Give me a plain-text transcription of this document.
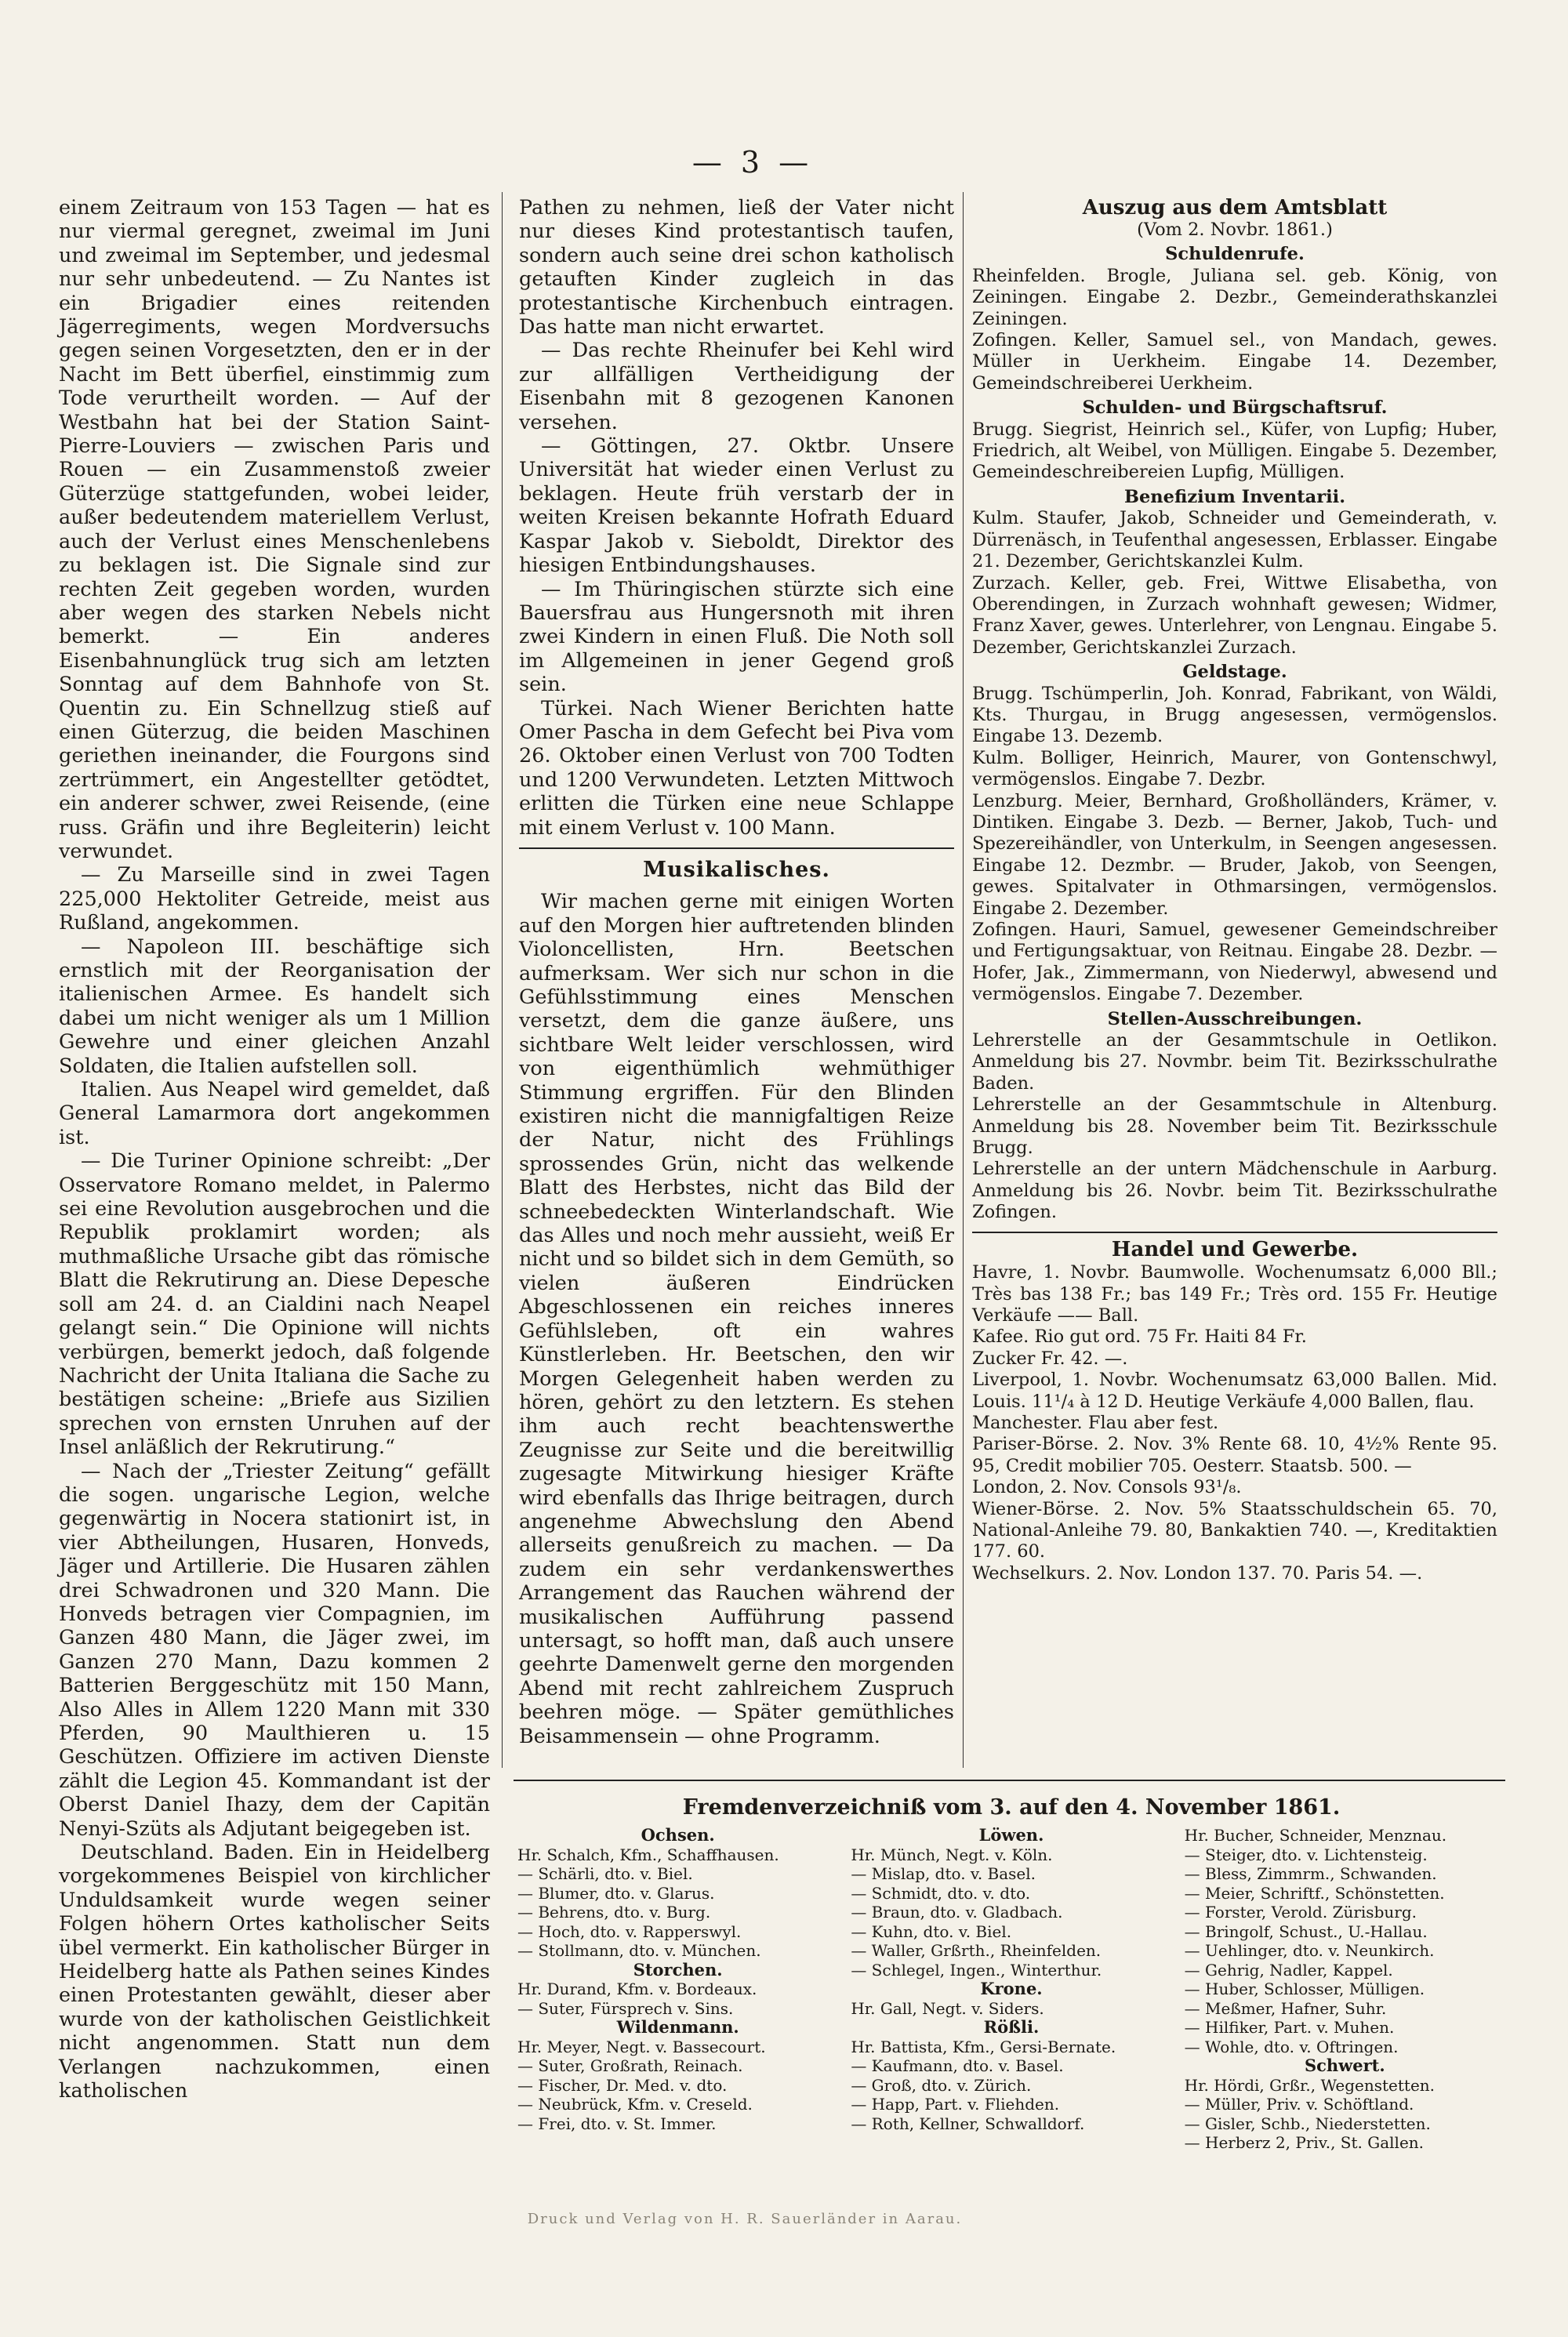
— 3 —

einem Zeitraum von 153 Tagen — hat es nur viermal geregnet, zweimal im Juni und zweimal im September, und jedesmal nur sehr unbedeutend. — Zu Nantes ist ein Brigadier eines reitenden Jägerregiments, wegen Mordversuchs gegen seinen Vorgesetzten, den er in der Nacht im Bett überfiel, einstimmig zum Tode verurtheilt worden. — Auf der Westbahn hat bei der Station Saint-Pierre-Louviers — zwischen Paris und Rouen — ein Zusammenstoß zweier Güterzüge stattgefunden, wobei leider, außer bedeutendem materiellem Verlust, auch der Verlust eines Menschenlebens zu beklagen ist. Die Signale sind zur rechten Zeit gegeben worden, wurden aber wegen des starken Nebels nicht bemerkt. — Ein anderes Eisenbahnunglück trug sich am letzten Sonntag auf dem Bahnhofe von St. Quentin zu. Ein Schnellzug stieß auf einen Güterzug, die beiden Maschinen geriethen ineinander, die Fourgons sind zertrümmert, ein Angestellter getödtet, ein anderer schwer, zwei Reisende, (eine russ. Gräfin und ihre Begleiterin) leicht verwundet.

— Zu Marseille sind in zwei Tagen 225,000 Hektoliter Getreide, meist aus Rußland, angekommen.

— Napoleon III. beschäftige sich ernstlich mit der Reorganisation der italienischen Armee. Es handelt sich dabei um nicht weniger als um 1 Million Gewehre und einer gleichen Anzahl Soldaten, die Italien aufstellen soll.

Italien. Aus Neapel wird gemeldet, daß General Lamarmora dort angekommen ist.

— Die Turiner Opinione schreibt: „Der Osservatore Romano meldet, in Palermo sei eine Revolution ausgebrochen und die Republik proklamirt worden; als muthmaßliche Ursache gibt das römische Blatt die Rekrutirung an. Diese Depesche soll am 24. d. an Cialdini nach Neapel gelangt sein.“ Die Opinione will nichts verbürgen, bemerkt jedoch, daß folgende Nachricht der Unita Italiana die Sache zu bestätigen scheine: „Briefe aus Sizilien sprechen von ernsten Unruhen auf der Insel anläßlich der Rekrutirung.“

— Nach der „Triester Zeitung“ gefällt die sogen. ungarische Legion, welche gegenwärtig in Nocera stationirt ist, in vier Abtheilungen, Husaren, Honveds, Jäger und Artillerie. Die Husaren zählen drei Schwadronen und 320 Mann. Die Honveds betragen vier Compagnien, im Ganzen 480 Mann, die Jäger zwei, im Ganzen 270 Mann, Dazu kommen 2 Batterien Berggeschütz mit 150 Mann, Also Alles in Allem 1220 Mann mit 330 Pferden, 90 Maulthieren u. 15 Geschützen. Offiziere im activen Dienste zählt die Legion 45. Kommandant ist der Oberst Daniel Ihazy, dem der Capitän Nenyi-Szüts als Adjutant beigegeben ist.

Deutschland. Baden. Ein in Heidelberg vorgekommenes Beispiel von kirchlicher Unduldsamkeit wurde wegen seiner Folgen höhern Ortes katholischer Seits übel vermerkt. Ein katholischer Bürger in Heidelberg hatte als Pathen seines Kindes einen Protestanten gewählt, dieser aber wurde von der katholischen Geistlichkeit nicht angenommen. Statt nun dem Verlangen nachzukommen, einen katholischen

Pathen zu nehmen, ließ der Vater nicht nur dieses Kind protestantisch taufen, sondern auch seine drei schon katholisch getauften Kinder zugleich in das protestantische Kirchenbuch eintragen. Das hatte man nicht erwartet.

— Das rechte Rheinufer bei Kehl wird zur allfälligen Vertheidigung der Eisenbahn mit 8 gezogenen Kanonen versehen.

— Göttingen, 27. Oktbr. Unsere Universität hat wieder einen Verlust zu beklagen. Heute früh verstarb der in weiten Kreisen bekannte Hofrath Eduard Kaspar Jakob v. Sieboldt, Direktor des hiesigen Entbindungshauses.

— Im Thüringischen stürzte sich eine Bauersfrau aus Hungersnoth mit ihren zwei Kindern in einen Fluß. Die Noth soll im Allgemeinen in jener Gegend groß sein.

Türkei. Nach Wiener Berichten hatte Omer Pascha in dem Gefecht bei Piva vom 26. Oktober einen Verlust von 700 Todten und 1200 Verwundeten. Letzten Mittwoch erlitten die Türken eine neue Schlappe mit einem Verlust v. 100 Mann.

Musikalisches.

Wir machen gerne mit einigen Worten auf den Morgen hier auftretenden blinden Violoncellisten, Hrn. Beetschen aufmerksam. Wer sich nur schon in die Gefühlsstimmung eines Menschen versetzt, dem die ganze äußere, uns sichtbare Welt leider verschlossen, wird von eigenthümlich wehmüthiger Stimmung ergriffen. Für den Blinden existiren nicht die mannigfaltigen Reize der Natur, nicht des Frühlings sprossendes Grün, nicht das welkende Blatt des Herbstes, nicht das Bild der schneebedeckten Winterlandschaft. Wie das Alles und noch mehr aussieht, weiß Er nicht und so bildet sich in dem Gemüth, so vielen äußeren Eindrücken Abgeschlossenen ein reiches inneres Gefühlsleben, oft ein wahres Künstlerleben. Hr. Beetschen, den wir Morgen Gelegenheit haben werden zu hören, gehört zu den letztern. Es stehen ihm auch recht beachtenswerthe Zeugnisse zur Seite und die bereitwillig zugesagte Mitwirkung hiesiger Kräfte wird ebenfalls das Ihrige beitragen, durch angenehme Abwechslung den Abend allerseits genußreich zu machen. — Da zudem ein sehr verdankenswerthes Arrangement das Rauchen während der musikalischen Aufführung passend untersagt, so hofft man, daß auch unsere geehrte Damenwelt gerne den morgenden Abend mit recht zahlreichem Zuspruch beehren möge. — Später gemüthliches Beisammensein — ohne Programm.

Auszug aus dem Amtsblatt
(Vom 2. Novbr. 1861.)
Schuldenrufe.

Rheinfelden. Brogle, Juliana sel. geb. König, von Zeiningen. Eingabe 2. Dezbr., Gemeinderathskanzlei Zeiningen.

Zofingen. Keller, Samuel sel., von Mandach, gewes. Müller in Uerkheim. Eingabe 14. Dezember, Gemeindschreiberei Uerkheim.

Schulden- und Bürgschaftsruf.

Brugg. Siegrist, Heinrich sel., Küfer, von Lupfig; Huber, Friedrich, alt Weibel, von Mülligen. Eingabe 5. Dezember, Gemeindeschreibereien Lupfig, Mülligen.

Benefizium Inventarii.

Kulm. Staufer, Jakob, Schneider und Gemeinderath, v. Dürrenäsch, in Teufenthal angesessen, Erblasser. Eingabe 21. Dezember, Gerichtskanzlei Kulm.

Zurzach. Keller, geb. Frei, Wittwe Elisabetha, von Oberendingen, in Zurzach wohnhaft gewesen; Widmer, Franz Xaver, gewes. Unterlehrer, von Lengnau. Eingabe 5. Dezember, Gerichtskanzlei Zurzach.

Geldstage.

Brugg. Tschümperlin, Joh. Konrad, Fabrikant, von Wäldi, Kts. Thurgau, in Brugg angesessen, vermögenslos. Eingabe 13. Dezemb.

Kulm. Bolliger, Heinrich, Maurer, von Gontenschwyl, vermögenslos. Eingabe 7. Dezbr.

Lenzburg. Meier, Bernhard, Großholländers, Krämer, v. Dintiken. Eingabe 3. Dezb. — Berner, Jakob, Tuch- und Spezereihändler, von Unterkulm, in Seengen angesessen. Eingabe 12. Dezmbr. — Bruder, Jakob, von Seengen, gewes. Spitalvater in Othmarsingen, vermögenslos. Eingabe 2. Dezember.

Zofingen. Hauri, Samuel, gewesener Gemeindschreiber und Fertigungsaktuar, von Reitnau. Eingabe 28. Dezbr. — Hofer, Jak., Zimmermann, von Niederwyl, abwesend und vermögenslos. Eingabe 7. Dezember.

Stellen-Ausschreibungen.

Lehrerstelle an der Gesammtschule in Oetlikon. Anmeldung bis 27. Novmbr. beim Tit. Bezirksschulrathe Baden.

Lehrerstelle an der Gesammtschule in Altenburg. Anmeldung bis 28. November beim Tit. Bezirksschule Brugg.

Lehrerstelle an der untern Mädchenschule in Aarburg. Anmeldung bis 26. Novbr. beim Tit. Bezirksschulrathe Zofingen.

Handel und Gewerbe.

Havre, 1. Novbr. Baumwolle. Wochenumsatz 6,000 Bll.; Très bas 138 Fr.; bas 149 Fr.; Très ord. 155 Fr. Heutige Verkäufe —— Ball.

Kafee. Rio gut ord. 75 Fr. Haiti 84 Fr.

Zucker Fr. 42. —.

Liverpool, 1. Novbr. Wochenumsatz 63,000 Ballen. Mid. Louis. 11¹/₄ à 12 D. Heutige Verkäufe 4,000 Ballen, flau.

Manchester. Flau aber fest.

Pariser-Börse. 2. Nov. 3% Rente 68. 10, 4½% Rente 95. 95, Credit mobilier 705. Oesterr. Staatsb. 500. —

London, 2. Nov. Consols 93¹/₈.

Wiener-Börse. 2. Nov. 5% Staatsschuldschein 65. 70, National-Anleihe 79. 80, Bankaktien 740. —, Kreditaktien 177. 60.

Wechselkurs. 2. Nov. London 137. 70. Paris 54. —.

Fremdenverzeichniß vom 3. auf den 4. November 1861.
Ochsen.
Hr. Schalch, Kfm., Schaffhausen.
— Schärli, dto. v. Biel.
— Blumer, dto. v. Glarus.
— Behrens, dto. v. Burg.
— Hoch, dto. v. Rapperswyl.
— Stollmann, dto. v. München.
Storchen.
Hr. Durand, Kfm. v. Bordeaux.
— Suter, Fürsprech v. Sins.
Wildenmann.
Hr. Meyer, Negt. v. Bassecourt.
— Suter, Großrath, Reinach.
— Fischer, Dr. Med. v. dto.
— Neubrück, Kfm. v. Creseld.
— Frei, dto. v. St. Immer.
Löwen.
Hr. Münch, Negt. v. Köln.
— Mislap, dto. v. Basel.
— Schmidt, dto. v. dto.
— Braun, dto. v. Gladbach.
— Kuhn, dto. v. Biel.
— Waller, Grßrth., Rheinfelden.
— Schlegel, Ingen., Winterthur.
Krone.
Hr. Gall, Negt. v. Siders.
Rößli.
Hr. Battista, Kfm., Gersi-Bernate.
— Kaufmann, dto. v. Basel.
— Groß, dto. v. Zürich.
— Happ, Part. v. Fliehden.
— Roth, Kellner, Schwalldorf.
Hr. Bucher, Schneider, Menznau.
— Steiger, dto. v. Lichtensteig.
— Bless, Zimmrm., Schwanden.
— Meier, Schriftf., Schönstetten.
— Forster, Verold. Zürisburg.
— Bringolf, Schust., U.-Hallau.
— Uehlinger, dto. v. Neunkirch.
— Gehrig, Nadler, Kappel.
— Huber, Schlosser, Mülligen.
— Meßmer, Hafner, Suhr.
— Hilfiker, Part. v. Muhen.
— Wohle, dto. v. Oftringen.
Schwert.
Hr. Hördi, Grßr., Wegenstetten.
— Müller, Priv. v. Schöftland.
— Gisler, Schb., Niederstetten.
— Herberz 2, Priv., St. Gallen.
Druck und Verlag von H. R. Sauerländer in Aarau.
